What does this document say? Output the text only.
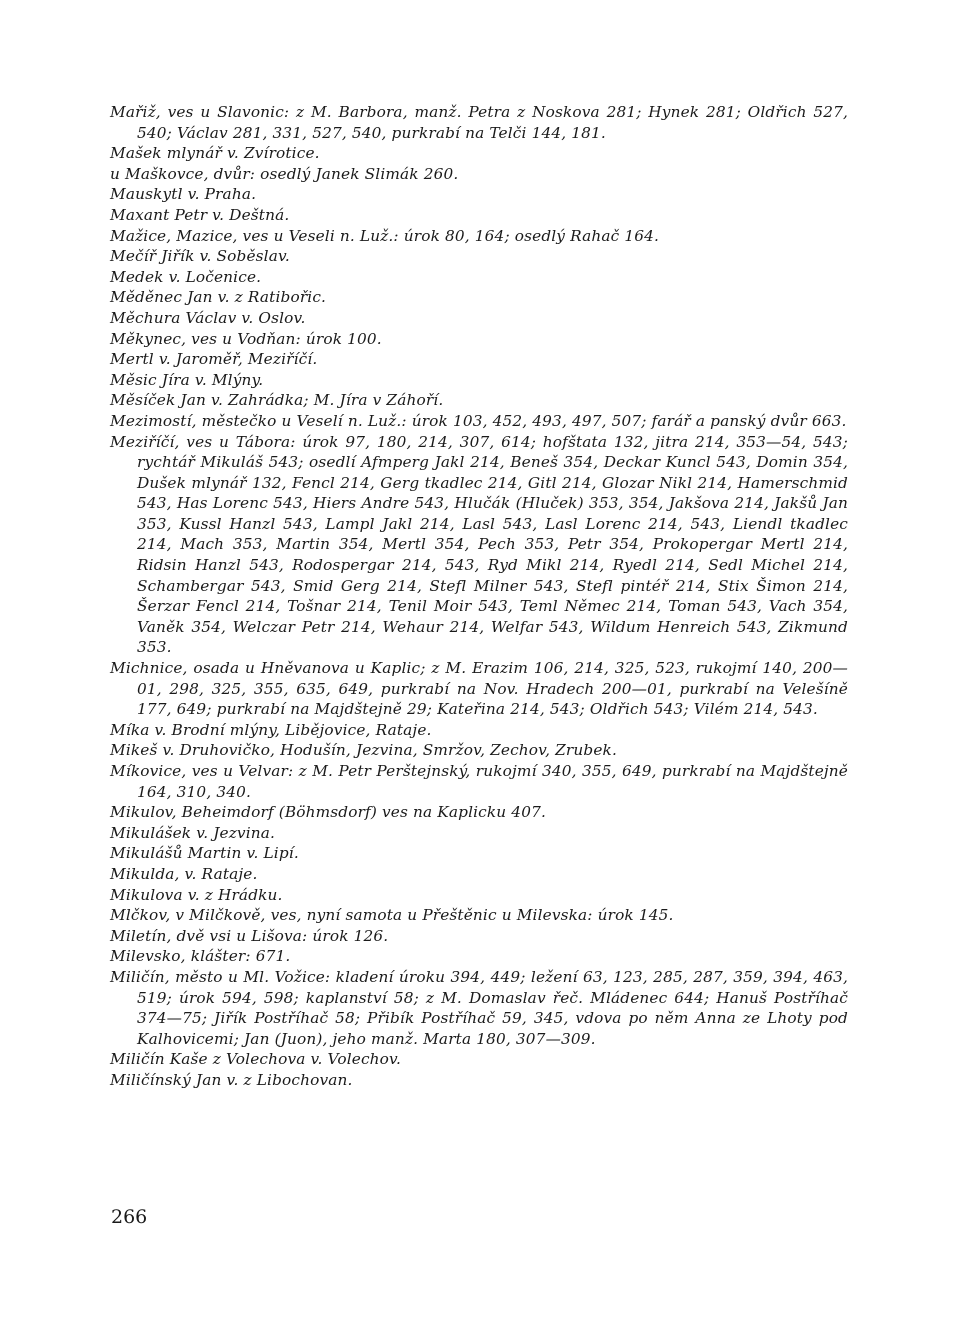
Mařiž, ves u Slavonic: z M. Barbora, manž. Petra z Noskova 281; Hynek 281; Oldřich 527, 540; Václav 281, 331, 527, 540, purkrabí na Telči 144, 181.

Mašek mlynář v. Zvírotice.

u Maškovce, dvůr: osedlý Janek Slimák 260.

Mauskytl v. Praha.

Maxant Petr v. Deštná.

Mažice, Mazice, ves u Veseli n. Luž.: úrok 80, 164; osedlý Rahač 164.

Mečíř Jiřík v. Soběslav.

Medek v. Ločenice.

Měděnec Jan v. z Ratibořic.

Měchura Václav v. Oslov.

Měkynec, ves u Vodňan: úrok 100.

Mertl v. Jaroměř, Meziříčí.

Měsic Jíra v. Mlýny.

Měsíček Jan v. Zahrádka; M. Jíra v Záhoří.

Mezimostí, městečko u Veselí n. Luž.: úrok 103, 452, 493, 497, 507; farář a panský dvůr 663.

Meziříčí, ves u Tábora: úrok 97, 180, 214, 307, 614; hofštata 132, jitra 214, 353—54, 543; rychtář Mikuláš 543; osedlí Afmperg Jakl 214, Beneš 354, Deckar Kuncl 543, Domin 354, Dušek mlynář 132, Fencl 214, Gerg tkadlec 214, Gitl 214, Glozar Nikl 214, Hamerschmid 543, Has Lorenc 543, Hiers Andre 543, Hlučák (Hluček) 353, 354, Jakšova 214, Jakšů Jan 353, Kussl Hanzl 543, Lampl Jakl 214, Lasl 543, Lasl Lorenc 214, 543, Liendl tkadlec 214, Mach 353, Martin 354, Mertl 354, Pech 353, Petr 354, Prokopergar Mertl 214, Ridsin Hanzl 543, Rodospergar 214, 543, Ryd Mikl 214, Ryedl 214, Sedl Michel 214, Schambergar 543, Smid Gerg 214, Stefl Milner 543, Stefl pintéř 214, Stix Šimon 214, Šerzar Fencl 214, Tošnar 214, Tenil Moir 543, Teml Němec 214, Toman 543, Vach 354, Vaněk 354, Welczar Petr 214, Wehaur 214, Welfar 543, Wildum Henreich 543, Zikmund 353.

Michnice, osada u Hněvanova u Kaplic; z M. Erazim 106, 214, 325, 523, rukojmí 140, 200—01, 298, 325, 355, 635, 649, purkrabí na Nov. Hradech 200—01, purkrabí na Velešíně 177, 649; purkrabí na Majdštejně 29; Kateřina 214, 543; Oldřich 543; Vilém 214, 543.

Míka v. Brodní mlýny, Libějovice, Rataje.

Mikeš v. Druhovičko, Hodušín, Jezvina, Smržov, Zechov, Zrubek.

Míkovice, ves u Velvar: z M. Petr Perštejnský, rukojmí 340, 355, 649, purkrabí na Majdštejně 164, 310, 340.

Mikulov, Beheimdorf (Böhmsdorf) ves na Kaplicku 407.

Mikulášek v. Jezvina.

Mikulášů Martin v. Lipí.

Mikulda, v. Rataje.

Mikulova v. z Hrádku.

Mlčkov, v Milčkově, ves, nyní samota u Přeštěnic u Milevska: úrok 145.

Miletín, dvě vsi u Lišova: úrok 126.

Milevsko, klášter: 671.

Miličín, město u Ml. Vožice: kladení úroku 394, 449; ležení 63, 123, 285, 287, 359, 394, 463, 519; úrok 594, 598; kaplanství 58; z M. Domaslav řeč. Mládenec 644; Hanuš Postříhač 374—75; Jiřík Postříhač 58; Přibík Postříhač 59, 345, vdova po něm Anna ze Lhoty pod Kalhovicemi; Jan (Juon), jeho manž. Marta 180, 307—309.

Miličín Kaše z Volechova v. Volechov.

Miličínský Jan v. z Libochovan.

266
